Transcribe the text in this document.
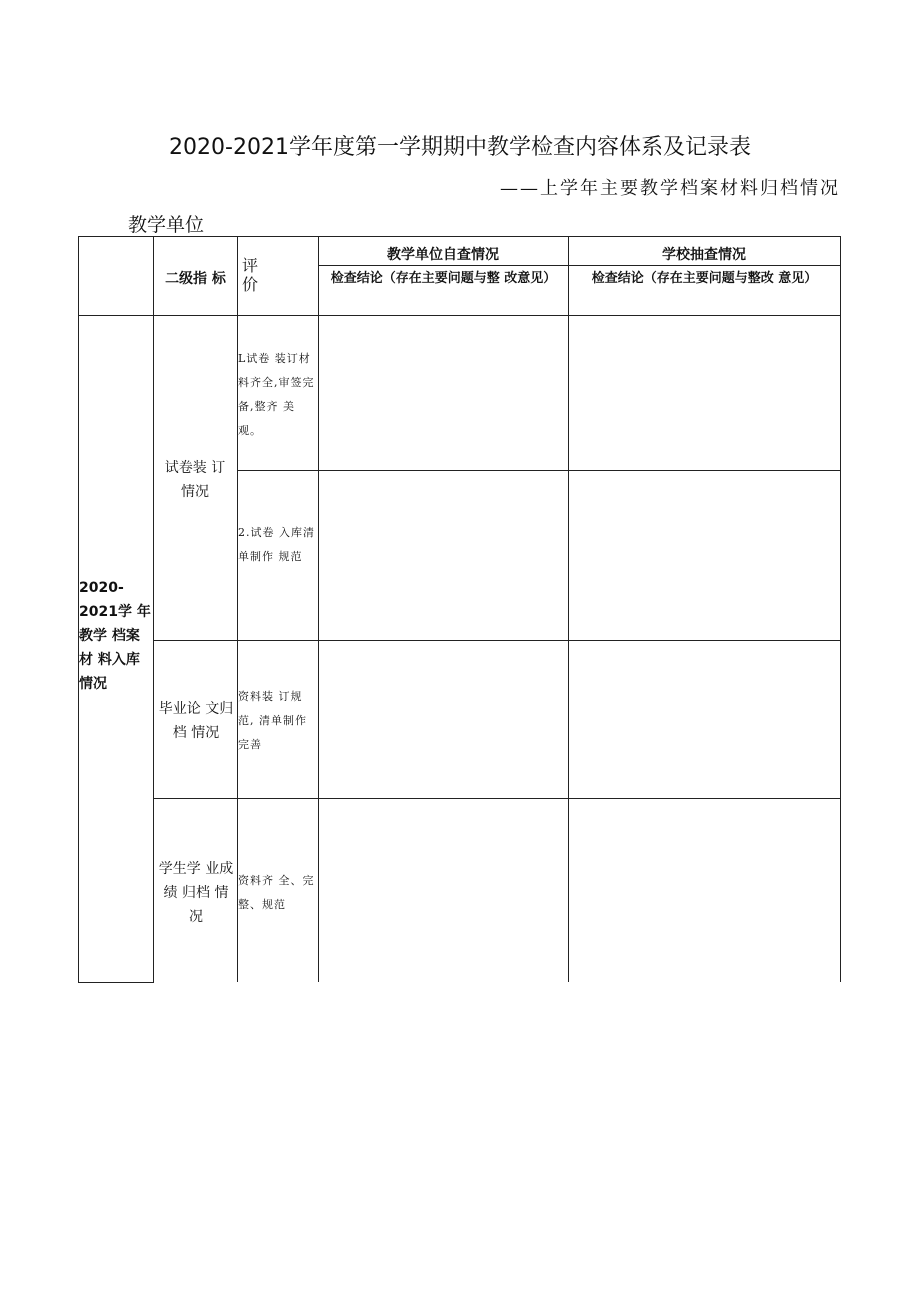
2020-2021学年度第一学期期中教学检查内容体系及记录表
——上学年主要教学档案材料归档情况
教学单位
二级指 标
评价
教学单位自查情况	学校抽查情况
检查结论（存在主要问题与整 改意见）	检查结论（存在主要问题与整改 意见）
2020-2021学 年教学 档案材 料入库 情况
试卷装 订情况
L试卷 装订材 料齐全,审签完 备,整齐 美观。
2.试卷 入库清 单制作 规范
毕业论 文归档 情况
资料装 订规范, 清单制作完善
学生学 业成绩 归档 情 况
资料齐 全、完 整、规范
